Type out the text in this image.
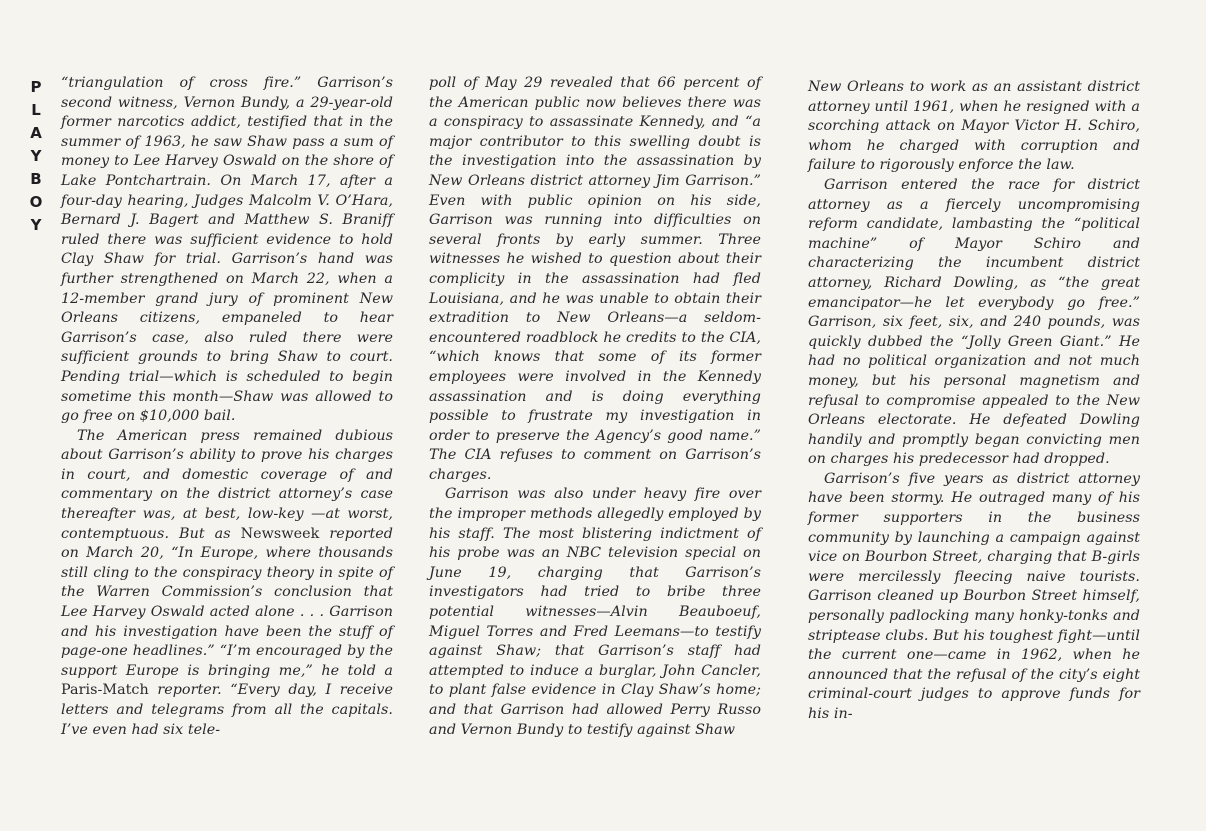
P
L
A
Y
B
O
Y

“triangulation of cross fire.” Garrison’s second witness, Vernon Bundy, a 29-year-old former narcotics addict, testified that in the summer of 1963, he saw Shaw pass a sum of money to Lee Harvey Oswald on the shore of Lake Pontchartrain. On March 17, after a four-day hearing, Judges Malcolm V. O’Hara, Bernard J. Bagert and Matthew S. Braniff ruled there was sufficient evidence to hold Clay Shaw for trial. Garrison’s hand was further strengthened on March 22, when a 12-member grand jury of prominent New Orleans citizens, empaneled to hear Garrison’s case, also ruled there were sufficient grounds to bring Shaw to court. Pending trial—which is scheduled to begin sometime this month—Shaw was allowed to go free on $10,000 bail.

The American press remained dubious about Garrison’s ability to prove his charges in court, and domestic coverage of and commentary on the district attorney’s case thereafter was, at best, low-key —at worst, contemptuous. But as Newsweek reported on March 20, “In Europe, where thousands still cling to the conspiracy theory in spite of the Warren Commission’s conclusion that Lee Harvey Oswald acted alone . . . Garrison and his investigation have been the stuff of page-one headlines.” “I’m encouraged by the support Europe is bringing me,” he told a Paris-Match reporter. “Every day, I receive letters and telegrams from all the capitals. I’ve even had six tele-

poll of May 29 revealed that 66 percent of the American public now believes there was a conspiracy to assassinate Kennedy, and “a major contributor to this swelling doubt is the investigation into the assassination by New Orleans district attorney Jim Garrison.” Even with public opinion on his side, Garrison was running into difficulties on several fronts by early summer. Three witnesses he wished to question about their complicity in the assassination had fled Louisiana, and he was unable to obtain their extradition to New Orleans—a seldom-encountered roadblock he credits to the CIA, “which knows that some of its former employees were involved in the Kennedy assassination and is doing everything possible to frustrate my investigation in order to preserve the Agency’s good name.” The CIA refuses to comment on Garrison’s charges.

Garrison was also under heavy fire over the improper methods allegedly employed by his staff. The most blistering indictment of his probe was an NBC television special on June 19, charging that Garrison’s investigators had tried to bribe three potential witnesses—Alvin Beauboeuf, Miguel Torres and Fred Leemans—to testify against Shaw; that Garrison’s staff had attempted to induce a burglar, John Cancler, to plant false evidence in Clay Shaw’s home; and that Garrison had allowed Perry Russo and Vernon Bundy to testify against Shaw

New Orleans to work as an assistant district attorney until 1961, when he resigned with a scorching attack on Mayor Victor H. Schiro, whom he charged with corruption and failure to rigorously enforce the law.

Garrison entered the race for district attorney as a fiercely uncompromising reform candidate, lambasting the “political machine” of Mayor Schiro and characterizing the incumbent district attorney, Richard Dowling, as “the great emancipator—he let everybody go free.” Garrison, six feet, six, and 240 pounds, was quickly dubbed the “Jolly Green Giant.” He had no political organization and not much money, but his personal magnetism and refusal to compromise appealed to the New Orleans electorate. He defeated Dowling handily and promptly began convicting men on charges his predecessor had dropped.

Garrison’s five years as district attorney have been stormy. He outraged many of his former supporters in the business community by launching a campaign against vice on Bourbon Street, charging that B-girls were mercilessly fleecing naive tourists. Garrison cleaned up Bourbon Street himself, personally padlocking many honky-tonks and striptease clubs. But his toughest fight—until the current one—came in 1962, when he announced that the refusal of the city’s eight criminal-court judges to approve funds for his in-
